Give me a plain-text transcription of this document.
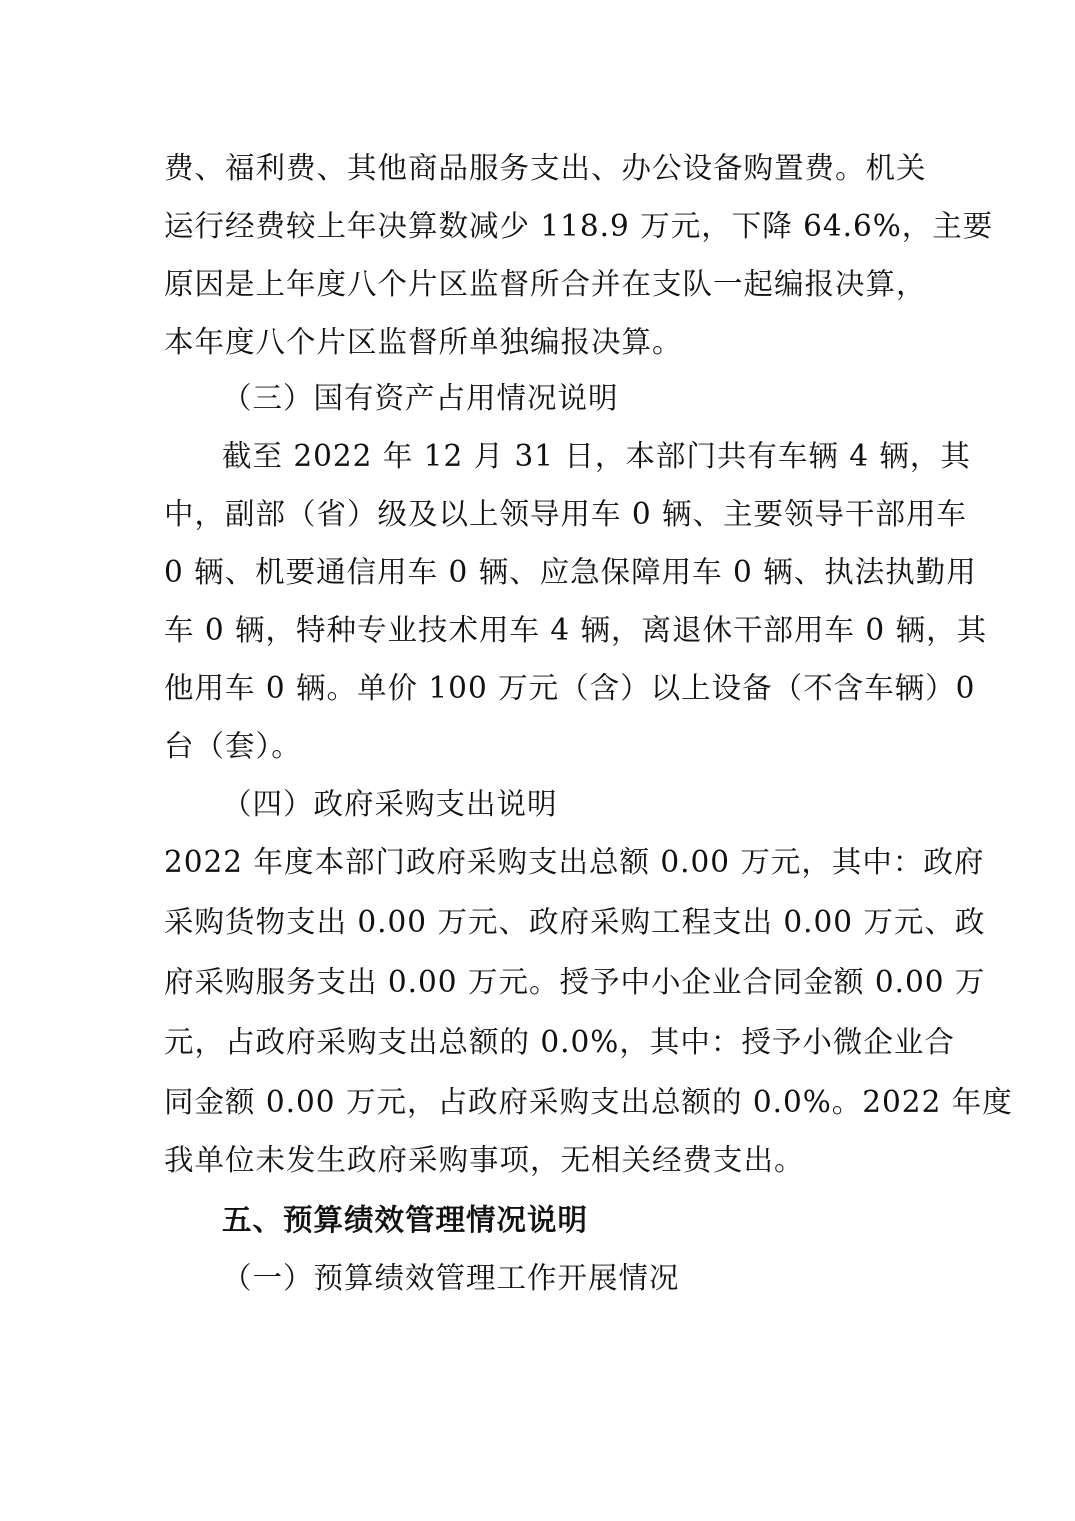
费、福利费、其他商品服务支出、办公设备购置费。机关

运行经费较上年决算数减少 118.9 万元，下降 64.6%，主要

原因是上年度八个片区监督所合并在支队一起编报决算，

本年度八个片区监督所单独编报决算。

（三）国有资产占用情况说明

截至 2022 年 12 月 31 日，本部门共有车辆 4 辆，其

中，副部（省）级及以上领导用车 0 辆、主要领导干部用车

0 辆、机要通信用车 0 辆、应急保障用车 0 辆、执法执勤用

车 0 辆，特种专业技术用车 4 辆，离退休干部用车 0 辆，其

他用车 0 辆。单价 100 万元（含）以上设备（不含车辆）0

台（套）。

（四）政府采购支出说明

2022 年度本部门政府采购支出总额 0.00 万元，其中：政府

采购货物支出 0.00 万元、政府采购工程支出 0.00 万元、政

府采购服务支出 0.00 万元。授予中小企业合同金额 0.00 万

元，占政府采购支出总额的 0.0%，其中：授予小微企业合

同金额 0.00 万元，占政府采购支出总额的 0.0%。2022 年度

我单位未发生政府采购事项，无相关经费支出。

五、预算绩效管理情况说明

（一）预算绩效管理工作开展情况
